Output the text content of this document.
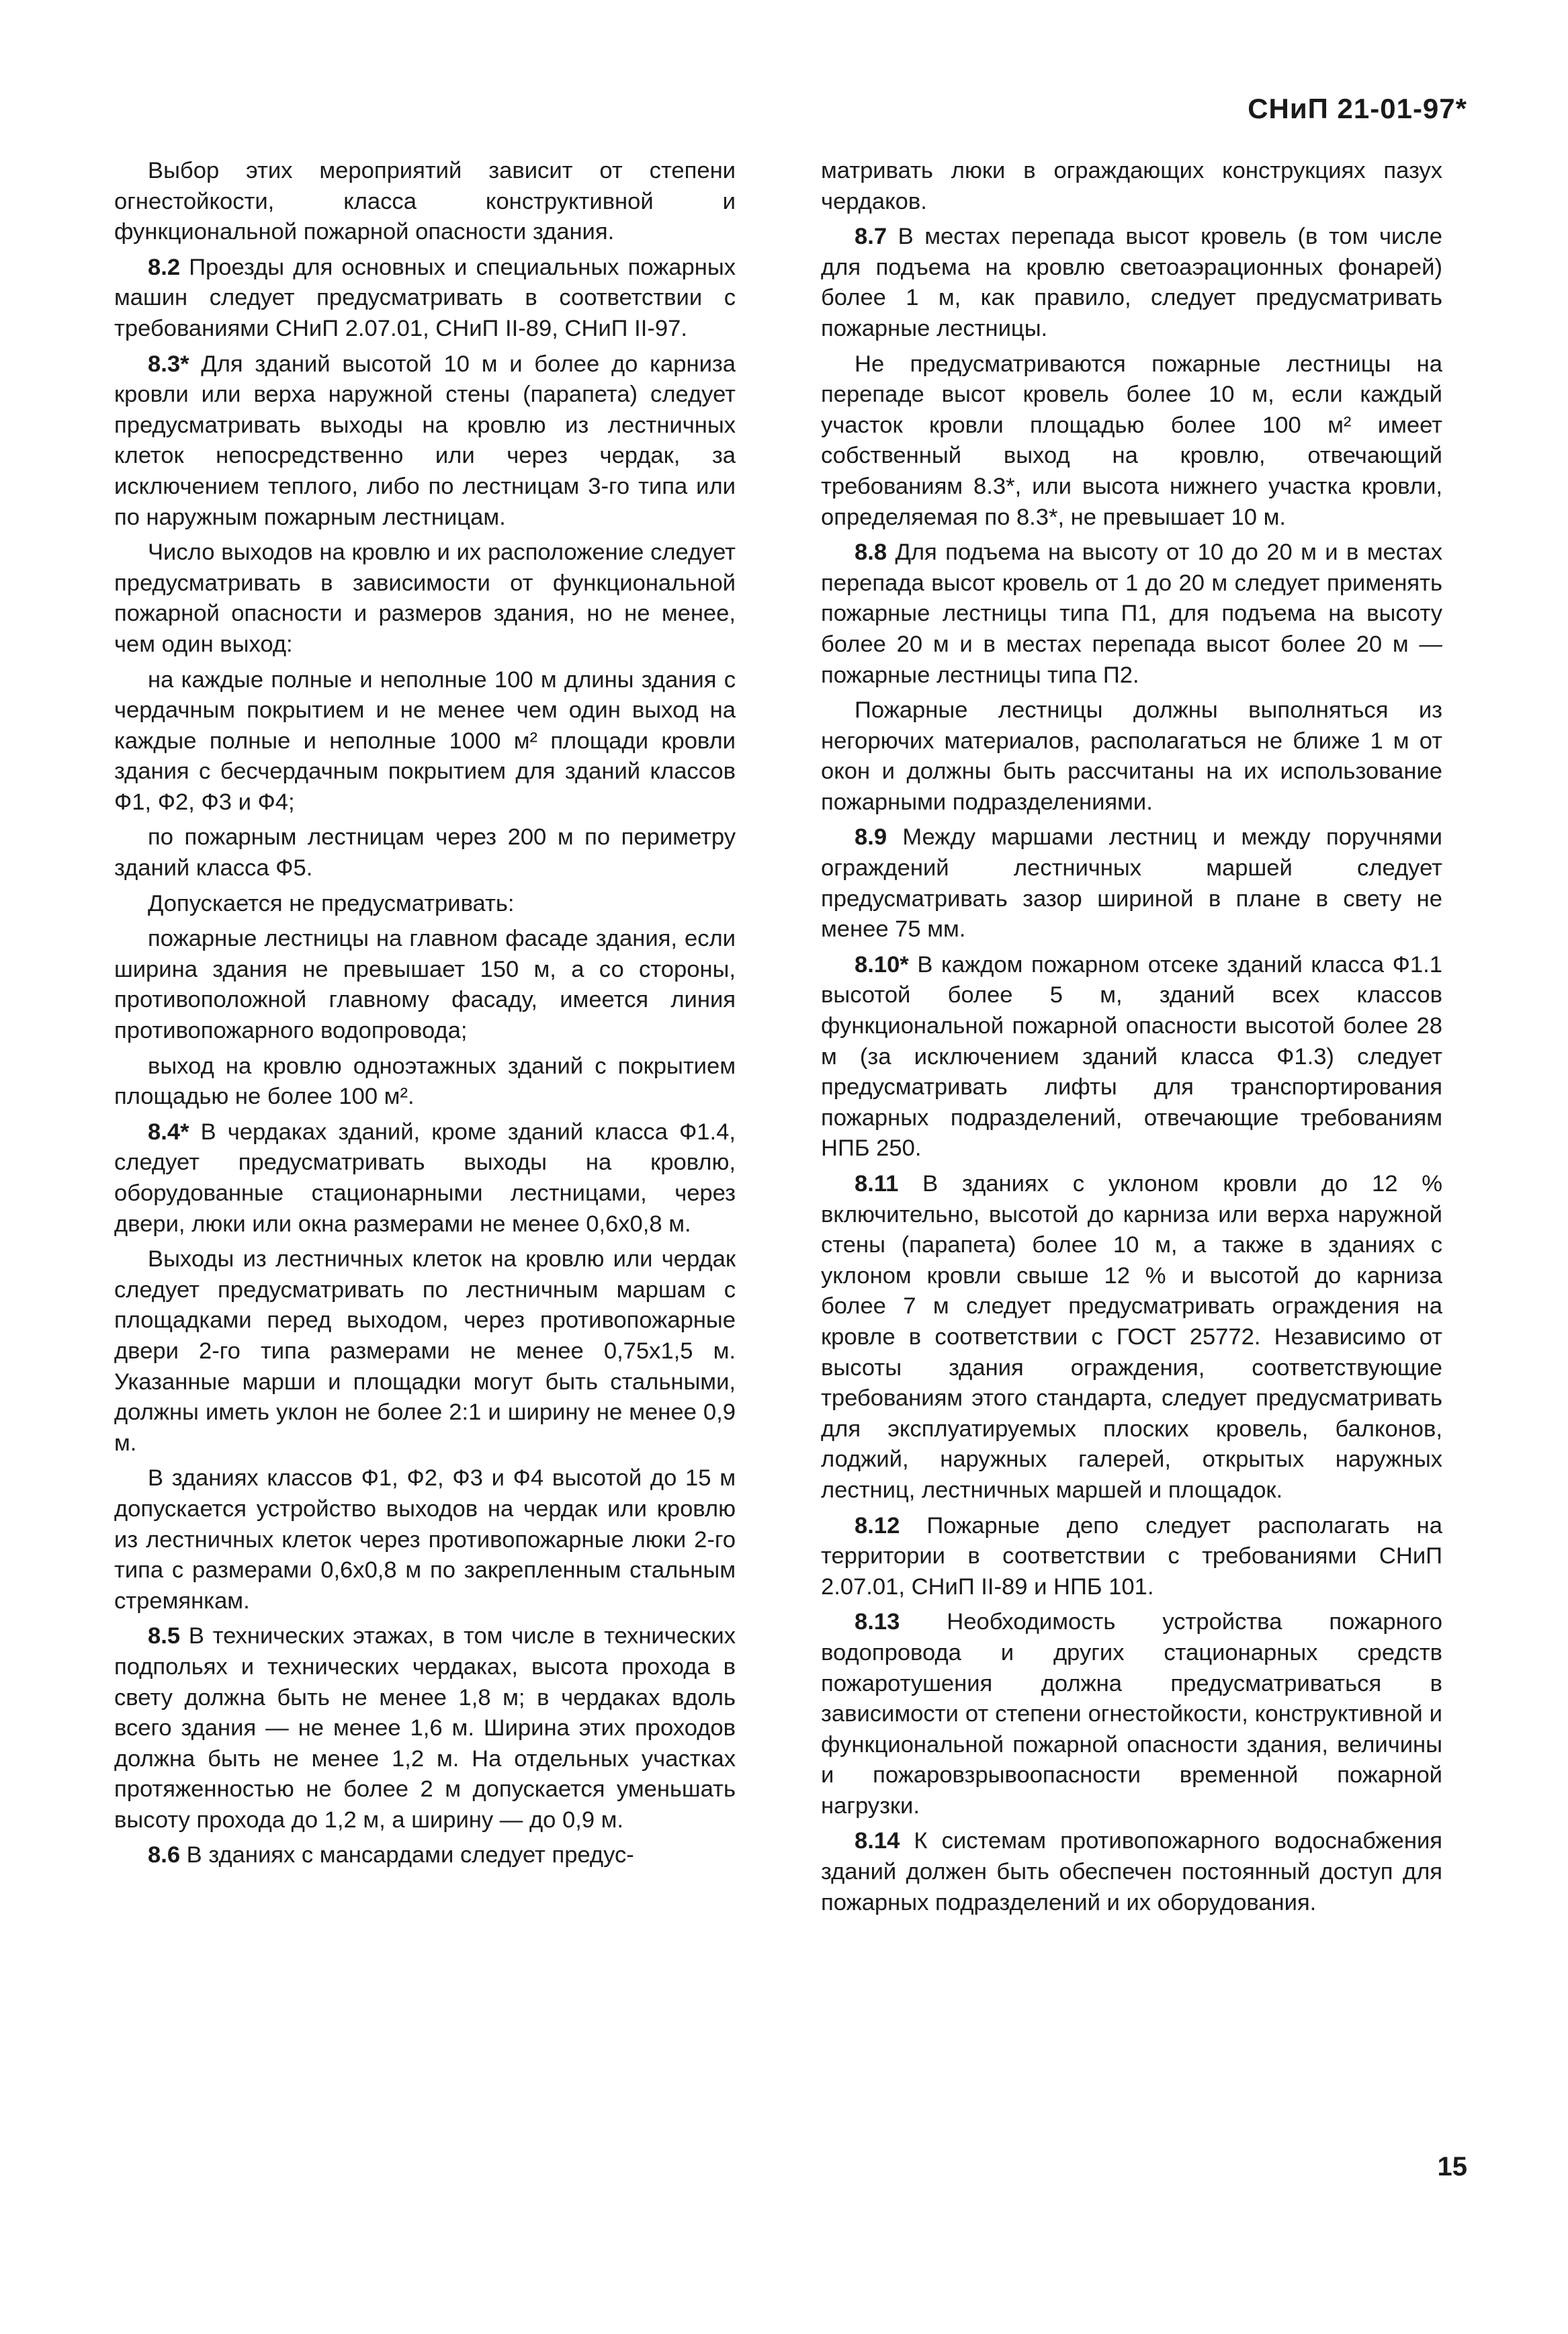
СНиП 21-01-97*

Выбор этих мероприятий зависит от степени огнестойкости, класса конструктивной и функциональной пожарной опасности здания.

8.2 Проезды для основных и специальных пожарных машин следует предусматривать в соответствии с требованиями СНиП 2.07.01, СНиП II-89, СНиП II-97.

8.3* Для зданий высотой 10 м и более до карниза кровли или верха наружной стены (парапета) следует предусматривать выходы на кровлю из лестничных клеток непосредственно или через чердак, за исключением теплого, либо по лестницам 3-го типа или по наружным пожарным лестницам.

Число выходов на кровлю и их расположение следует предусматривать в зависимости от функциональной пожарной опасности и размеров здания, но не менее, чем один выход:

на каждые полные и неполные 100 м длины здания с чердачным покрытием и не менее чем один выход на каждые полные и неполные 1000 м² площади кровли здания с бесчердачным покрытием для зданий классов Ф1, Ф2, Ф3 и Ф4;

по пожарным лестницам через 200 м по периметру зданий класса Ф5.

Допускается не предусматривать:

пожарные лестницы на главном фасаде здания, если ширина здания не превышает 150 м, а со стороны, противоположной главному фасаду, имеется линия противопожарного водопровода;

выход на кровлю одноэтажных зданий с покрытием площадью не более 100 м².

8.4* В чердаках зданий, кроме зданий класса Ф1.4, следует предусматривать выходы на кровлю, оборудованные стационарными лестницами, через двери, люки или окна размерами не менее 0,6х0,8 м.

Выходы из лестничных клеток на кровлю или чердак следует предусматривать по лестничным маршам с площадками перед выходом, через противопожарные двери 2-го типа размерами не менее 0,75х1,5 м. Указанные марши и площадки могут быть стальными, должны иметь уклон не более 2:1 и ширину не менее 0,9 м.

В зданиях классов Ф1, Ф2, Ф3 и Ф4 высотой до 15 м допускается устройство выходов на чердак или кровлю из лестничных клеток через противопожарные люки 2-го типа с размерами 0,6х0,8 м по закрепленным стальным стремянкам.

8.5 В технических этажах, в том числе в технических подпольях и технических чердаках, высота прохода в свету должна быть не менее 1,8 м; в чердаках вдоль всего здания — не менее 1,6 м. Ширина этих проходов должна быть не менее 1,2 м. На отдельных участках протяженностью не более 2 м допускается уменьшать высоту прохода до 1,2 м, а ширину — до 0,9 м.

8.6 В зданиях с мансардами следует предус-

матривать люки в ограждающих конструкциях пазух чердаков.

8.7 В местах перепада высот кровель (в том числе для подъема на кровлю светоаэрационных фонарей) более 1 м, как правило, следует предусматривать пожарные лестницы.

Не предусматриваются пожарные лестницы на перепаде высот кровель более 10 м, если каждый участок кровли площадью более 100 м² имеет собственный выход на кровлю, отвечающий требованиям 8.3*, или высота нижнего участка кровли, определяемая по 8.3*, не превышает 10 м.

8.8 Для подъема на высоту от 10 до 20 м и в местах перепада высот кровель от 1 до 20 м следует применять пожарные лестницы типа П1, для подъема на высоту более 20 м и в местах перепада высот более 20 м — пожарные лестницы типа П2.

Пожарные лестницы должны выполняться из негорючих материалов, располагаться не ближе 1 м от окон и должны быть рассчитаны на их использование пожарными подразделениями.

8.9 Между маршами лестниц и между поручнями ограждений лестничных маршей следует предусматривать зазор шириной в плане в свету не менее 75 мм.

8.10* В каждом пожарном отсеке зданий класса Ф1.1 высотой более 5 м, зданий всех классов функциональной пожарной опасности высотой более 28 м (за исключением зданий класса Ф1.3) следует предусматривать лифты для транспортирования пожарных подразделений, отвечающие требованиям НПБ 250.

8.11 В зданиях с уклоном кровли до 12 % включительно, высотой до карниза или верха наружной стены (парапета) более 10 м, а также в зданиях с уклоном кровли свыше 12 % и высотой до карниза более 7 м следует предусматривать ограждения на кровле в соответствии с ГОСТ 25772. Независимо от высоты здания ограждения, соответствующие требованиям этого стандарта, следует предусматривать для эксплуатируемых плоских кровель, балконов, лоджий, наружных галерей, открытых наружных лестниц, лестничных маршей и площадок.

8.12 Пожарные депо следует располагать на территории в соответствии с требованиями СНиП 2.07.01, СНиП II-89 и НПБ 101.

8.13 Необходимость устройства пожарного водопровода и других стационарных средств пожаротушения должна предусматриваться в зависимости от степени огнестойкости, конструктивной и функциональной пожарной опасности здания, величины и пожаровзрывоопасности временной пожарной нагрузки.

8.14 К системам противопожарного водоснабжения зданий должен быть обеспечен постоянный доступ для пожарных подразделений и их оборудования.

15
